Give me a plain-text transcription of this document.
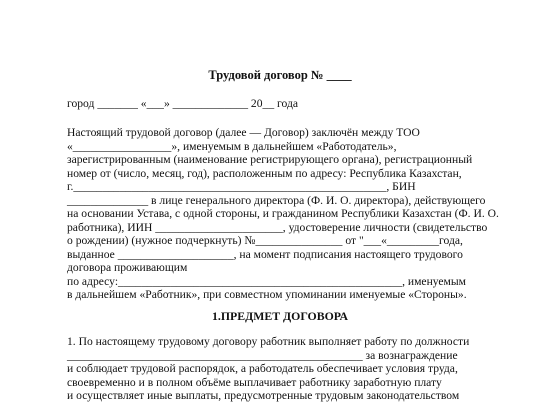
Трудовой договор № ____
город _______ «___» _____________ 20__ года
Настоящий трудовой договор (далее — Договор) заключён между ТОО
«_________________», именуемым в дальнейшем «Работодатель»,
зарегистрированным (наименование регистрирующего органа), регистрационный
номер от (число, месяц, год), расположенным по адресу: Республика Казахстан,
г.______________________________________________________, БИН
______________ в лице генерального директора (Ф. И. О. директора), действующего
на основании Устава, с одной стороны, и гражданином Республики Казахстан (Ф. И. О.
работника), ИИН ______________________, удостоверение личности (свидетельство
о рождении) (нужное подчеркнуть) №_______________ от "___«_________года,
выданное ____________________, на момент подписания настоящего трудового
договора проживающим
по адресу:_________________________________________________, именуемым
в дальнейшем «Работник», при совместном упоминании именуемые «Стороны».
1.ПРЕДМЕТ ДОГОВОРА
1. По настоящему трудовому договору работник выполняет работу по должности
___________________________________________________ за вознаграждение
и соблюдает трудовой распорядок, а работодатель обеспечивает условия труда,
своевременно и в полном объёме выплачивает работнику заработную плату
и осуществляет иные выплаты, предусмотренные трудовым законодательством
